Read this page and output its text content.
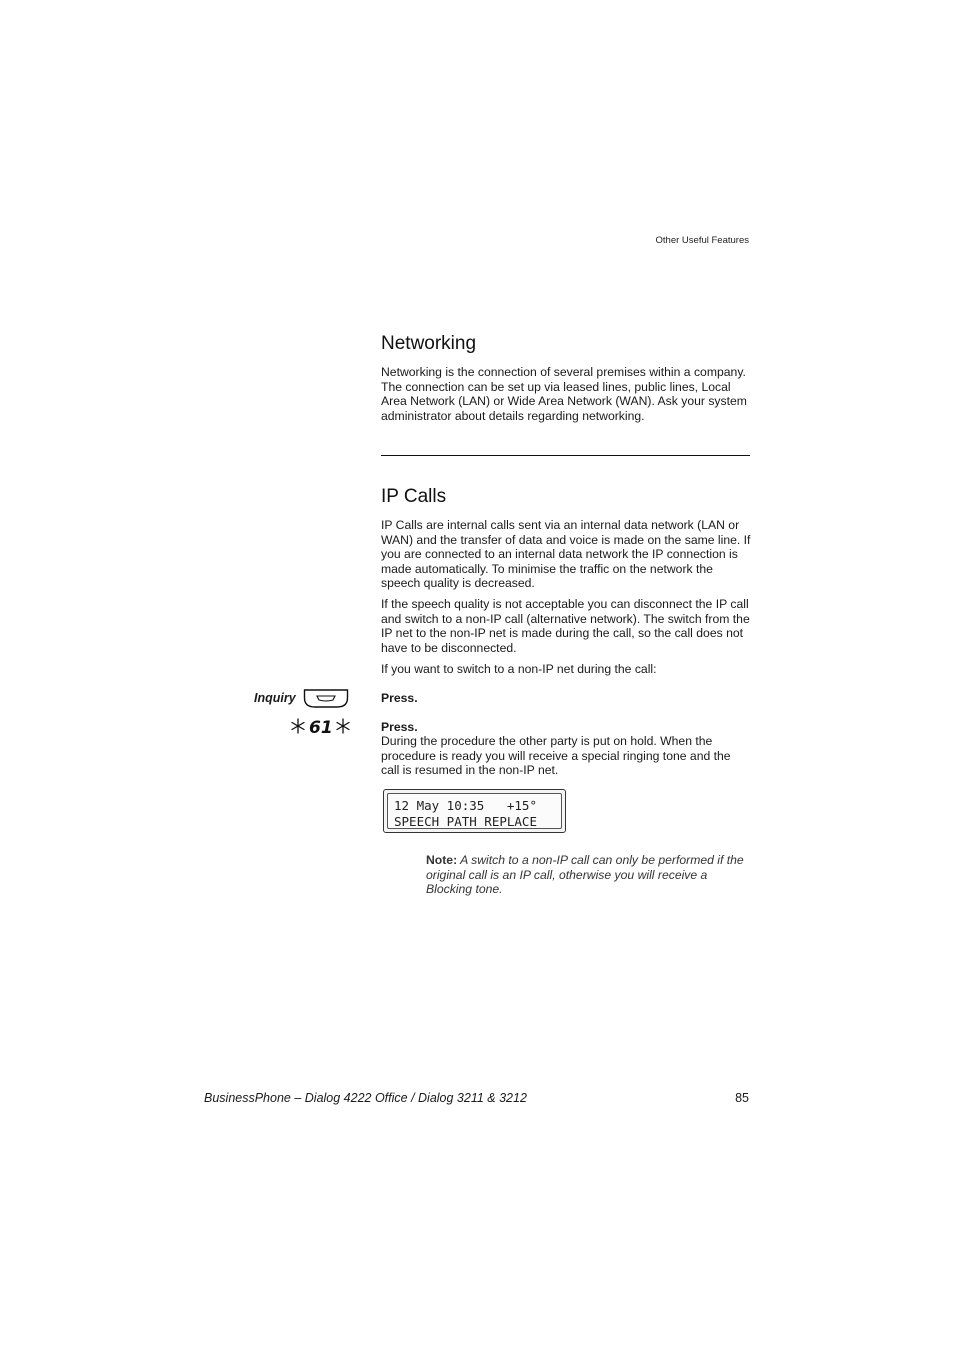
Other Useful Features
Networking

Networking is the connection of several premises within a company. The connection can be set up via leased lines, public lines, Local Area Network (LAN) or Wide Area Network (WAN). Ask your system administrator about details regarding networking.

IP Calls

IP Calls are internal calls sent via an internal data network (LAN or WAN) and the transfer of data and voice is made on the same line. If you are connected to an internal data network the IP connection is made automatically. To minimise the traffic on the network the speech quality is decreased.

If the speech quality is not acceptable you can disconnect the IP call and switch to a non-IP call (alternative network). The switch from the IP net to the non-IP net is made during the call, so the call does not have to be disconnected.

If you want to switch to a non-IP net during the call:

Inquiry	Press.
61	Press.

During the procedure the other party is put on hold. When the procedure is ready you will receive a special ringing tone and the call is resumed in the non-IP net.

12 May 10:35   +15°
SPEECH PATH REPLACE

Note: A switch to a non-IP call can only be performed if the original call is an IP call, otherwise you will receive a Blocking tone.

BusinessPhone – Dialog 4222 Office / Dialog 3211 & 3212	85
